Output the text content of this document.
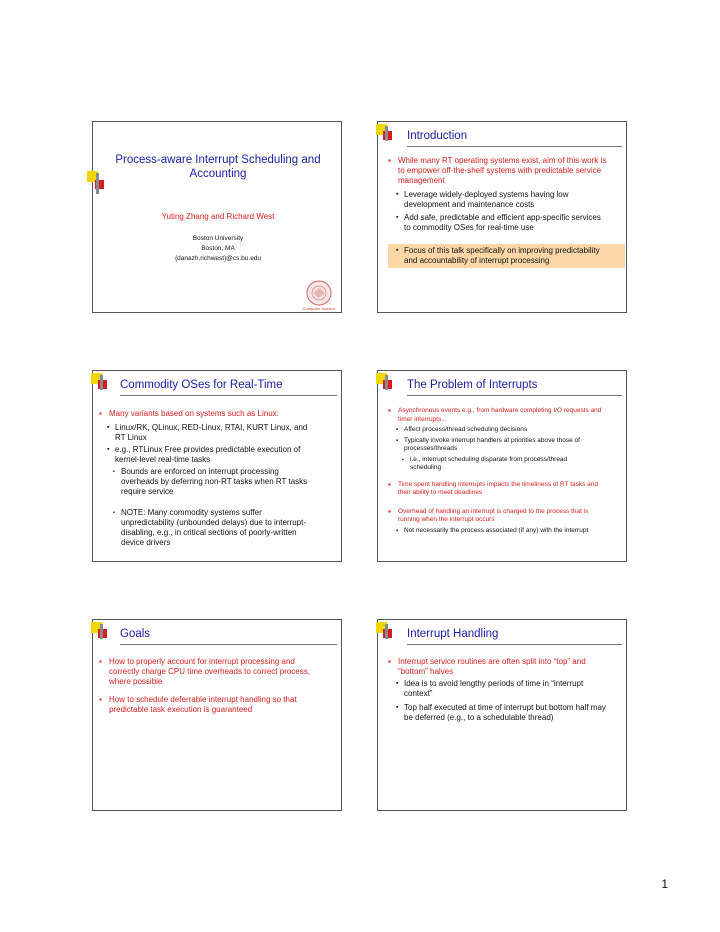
Process-aware Interrupt Scheduling and
Accounting
Yuting Zhang and Richard West
Boston University
Boston, MA
{danazh,richwest}@cs.bu.edu
Computer Science
Introduction
▪ While many RT operating systems exist, aim of this work is
to empower off-the-shelf systems with predictable service
management
▪ Leverage widely-deployed systems having low
development and maintenance costs
▪ Add safe, predictable and efficient app-specific services
to commodity OSes for real-time use
▪ Focus of this talk specifically on improving predictability
and accountability of interrupt processing
Commodity OSes for Real-Time
▪ Many variants based on systems such as Linux:
▪ Linux/RK, QLinux, RED-Linux, RTAI, KURT Linux, and
RT Linux
▪ e.g., RTLinux Free provides predictable execution of
kernel-level real-time tasks
▪ Bounds are enforced on interrupt processing
overheads by deferring non-RT tasks when RT tasks
require service
▪ NOTE: Many commodity systems suffer
unpredictability (unbounded delays) due to interrupt-
disabling, e.g., in critical sections of poorly-written
device drivers
The Problem of Interrupts
▪ Asynchronous events e.g., from hardware completing I/O requests and
timer interrupts...
▪ Affect process/thread scheduling decisions
▪ Typically invoke interrupt handlers at priorities above those of
processes/threads
▪ i.e., interrupt scheduling disparate from process/thread
scheduling
▪ Time spent handling interrupts impacts the timeliness of RT tasks and
their ability to meet deadlines
▪ Overhead of handling an interrupt is charged to the process that is
running when the interrupt occurs
▪ Not necessarily the process associated (if any) with the interrupt
Goals
▪ How to properly account for interrupt processing and
correctly charge CPU time overheads to correct process,
where possible
▪ How to schedule deferrable interrupt handling so that
predictable task execution is guaranteed
Interrupt Handling
▪ Interrupt service routines are often split into “top” and
“bottom” halves
▪ Idea is to avoid lengthy periods of time in “interrupt
context”
▪ Top half executed at time of interrupt but bottom half may
be deferred (e.g., to a schedulable thread)
1
